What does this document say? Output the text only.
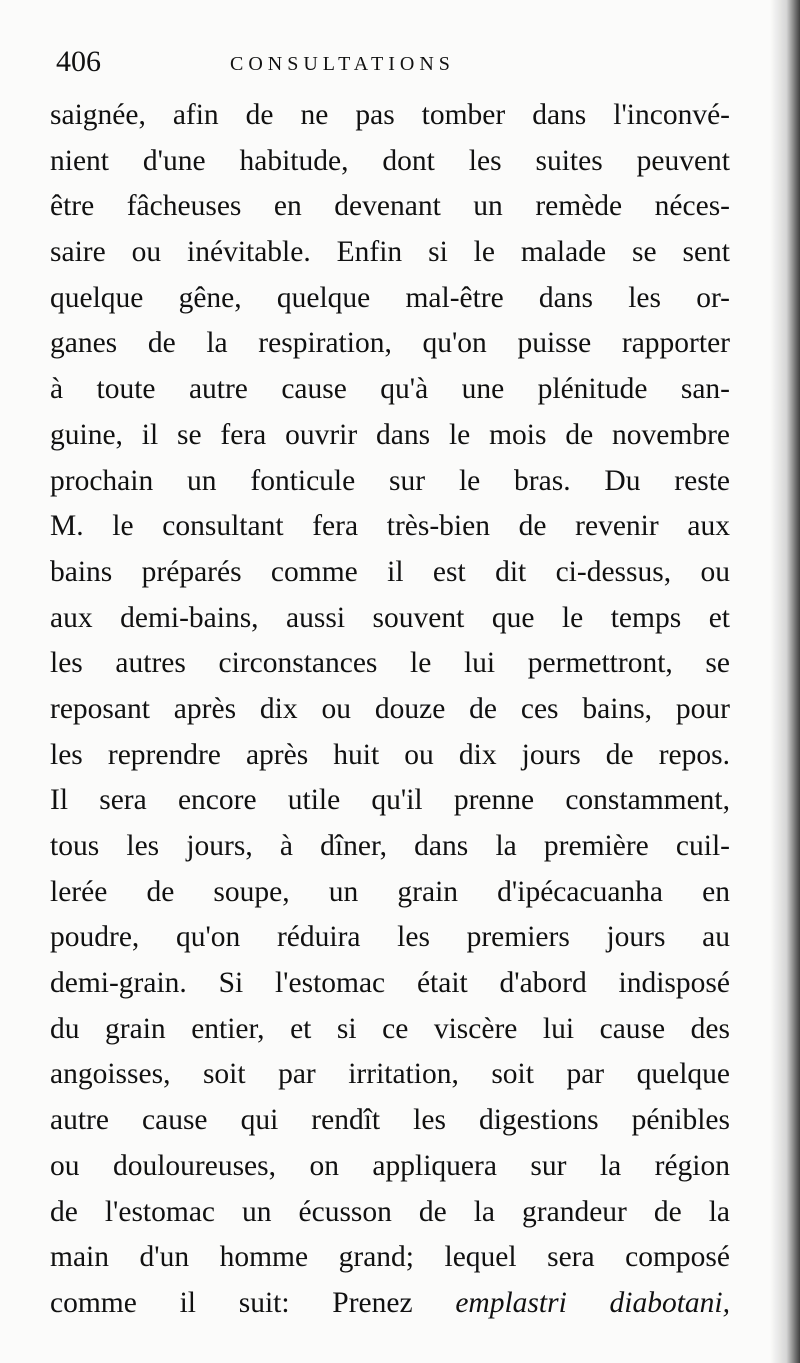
406	CONSULTATIONS
saignée, afin de ne pas tomber dans l'inconvé-
nient d'une habitude, dont les suites peuvent
être fâcheuses en devenant un remède néces-
saire ou inévitable. Enfin si le malade se sent
quelque gêne, quelque mal-être dans les or-
ganes de la respiration, qu'on puisse rapporter
à toute autre cause qu'à une plénitude san-
guine, il se fera ouvrir dans le mois de novembre
prochain un fonticule sur le bras. Du reste
M. le consultant fera très-bien de revenir aux
bains préparés comme il est dit ci-dessus, ou
aux demi-bains, aussi souvent que le temps et
les autres circonstances le lui permettront, se
reposant après dix ou douze de ces bains, pour
les reprendre après huit ou dix jours de repos.
Il sera encore utile qu'il prenne constamment,
tous les jours, à dîner, dans la première cuil-
lerée de soupe, un grain d'ipécacuanha en
poudre, qu'on réduira les premiers jours au
demi-grain. Si l'estomac était d'abord indisposé
du grain entier, et si ce viscère lui cause des
angoisses, soit par irritation, soit par quelque
autre cause qui rendît les digestions pénibles
ou douloureuses, on appliquera sur la région
de l'estomac un écusson de la grandeur de la
main d'un homme grand; lequel sera composé
comme il suit: Prenez emplastri diabotani,
